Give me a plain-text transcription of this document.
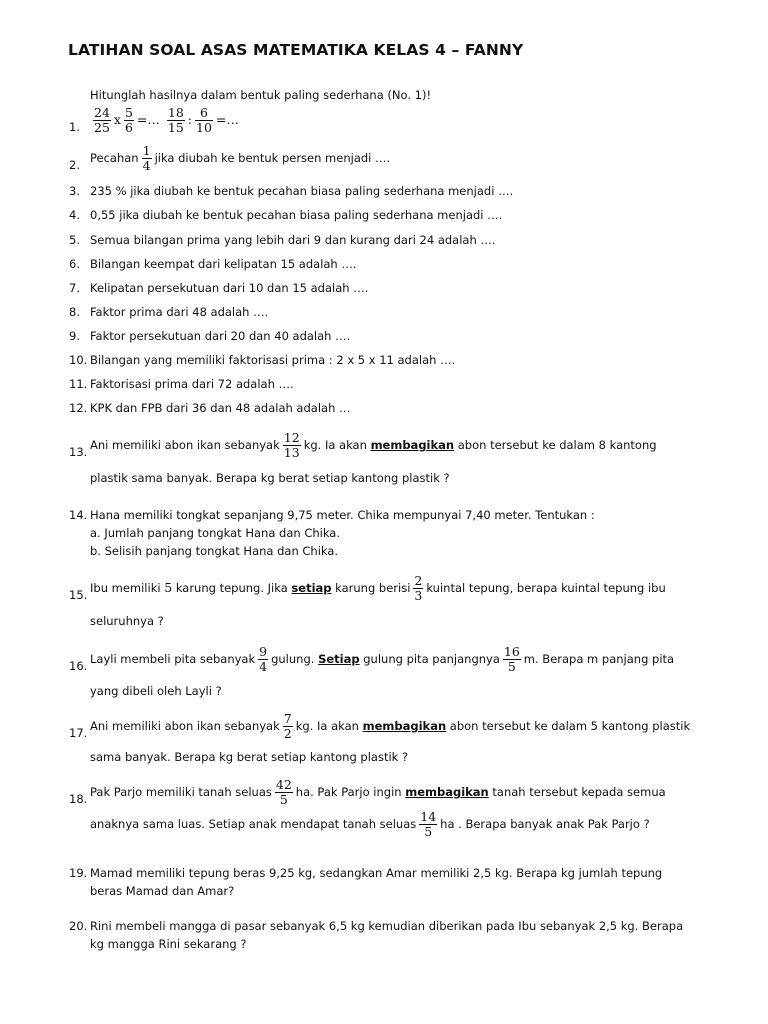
LATIHAN SOAL ASAS MATEMATIKA KELAS 4 – FANNY
Hitunglah hasilnya dalam bentuk paling sederhana (No. 1)!
1. $\frac{24}{25}$ x $\frac{5}{6}$ =… $\frac{18}{15}$ : $\frac{6}{10}$ =…
2. Pecahan $\frac{1}{4}$ jika diubah ke bentuk persen menjadi ….
3. 235 % jika diubah ke bentuk pecahan biasa paling sederhana menjadi ….
4. 0,55 jika diubah ke bentuk pecahan biasa paling sederhana menjadi ….
5. Semua bilangan prima yang lebih dari 9 dan kurang dari 24 adalah ….
6. Bilangan keempat dari kelipatan 15 adalah ….
7. Kelipatan persekutuan dari 10 dan 15 adalah ….
8. Faktor prima dari 48 adalah ….
9. Faktor persekutuan dari 20 dan 40 adalah ….
10. Bilangan yang memiliki faktorisasi prima : 2 x 5 x 11 adalah ….
11. Faktorisasi prima dari 72 adalah ….
12. KPK dan FPB dari 36 dan 48 adalah adalah …
13. Ani memiliki abon ikan sebanyak $\frac{12}{13}$ kg. Ia akan membagikan abon tersebut ke dalam 8 kantong
plastik sama banyak. Berapa kg berat setiap kantong plastik ?
14. Hana memiliki tongkat sepanjang 9,75 meter. Chika mempunyai 7,40 meter. Tentukan :
a. Jumlah panjang tongkat Hana dan Chika.
b. Selisih panjang tongkat Hana dan Chika.
15. Ibu memiliki 5 karung tepung. Jika setiap karung berisi $\frac{2}{3}$ kuintal tepung, berapa kuintal tepung ibu
seluruhnya ?
16. Layli membeli pita sebanyak $\frac{9}{4}$ gulung. Setiap gulung pita panjangnya $\frac{16}{5} m$. Berapa m panjang pita
yang dibeli oleh Layli ?
17. Ani memiliki abon ikan sebanyak $\frac{7}{2}$ kg. Ia akan membagikan abon tersebut ke dalam 5 kantong plastik
sama banyak. Berapa kg berat setiap kantong plastik ?
18. Pak Parjo memiliki tanah seluas $\frac{42}{5}$ ha. Pak Parjo ingin membagikan tanah tersebut kepada semua
anaknya sama luas. Setiap anak mendapat tanah seluas $\frac{14}{5}$ ha . Berapa banyak anak Pak Parjo ?
19. Mamad memiliki tepung beras 9,25 kg, sedangkan Amar memiliki 2,5 kg. Berapa kg jumlah tepung
beras Mamad dan Amar?
20. Rini membeli mangga di pasar sebanyak 6,5 kg kemudian diberikan pada Ibu sebanyak 2,5 kg. Berapa
kg mangga Rini sekarang ?
